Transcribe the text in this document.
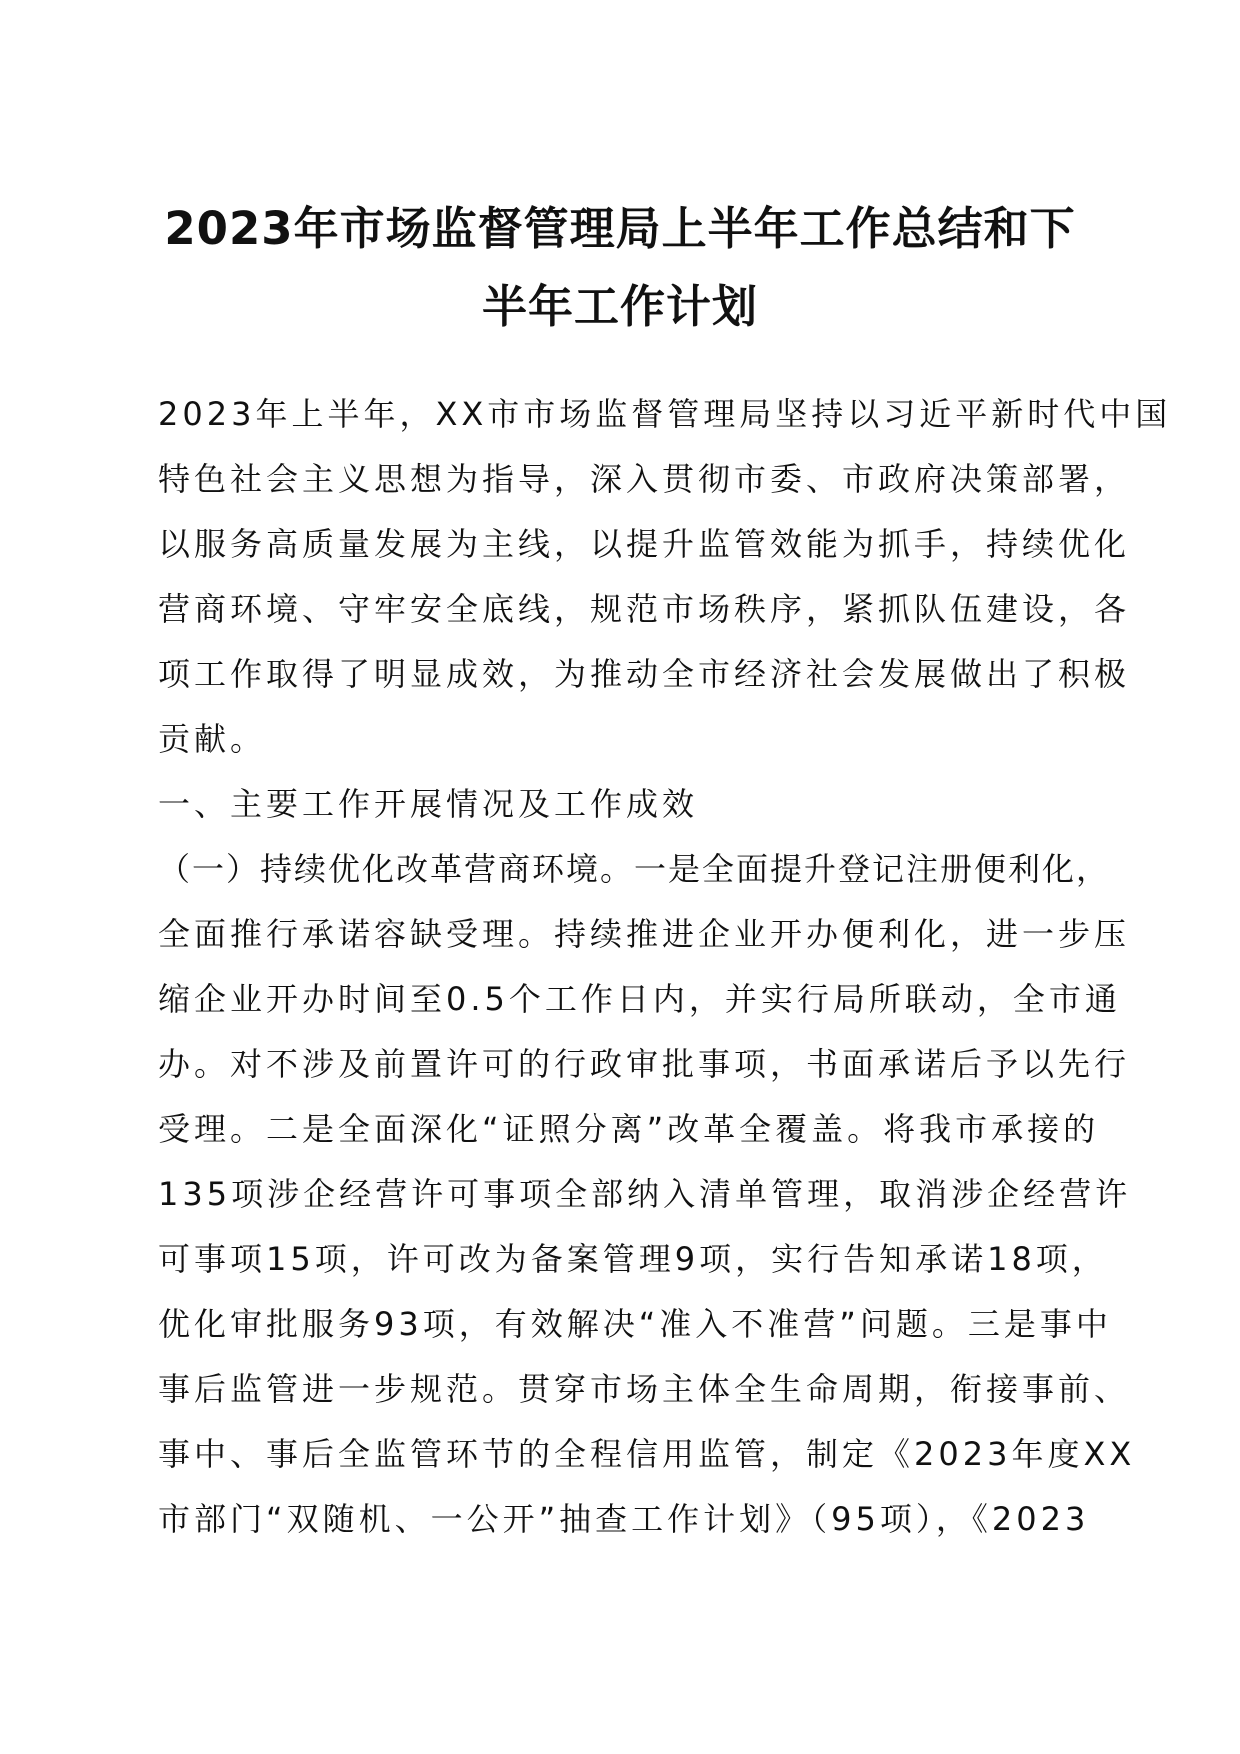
2023年市场监督管理局上半年工作总结和下
半年工作计划
2023年上半年，XX市市场监督管理局坚持以习近平新时代中国
特色社会主义思想为指导，深入贯彻市委、市政府决策部署，
以服务高质量发展为主线，以提升监管效能为抓手，持续优化
营商环境、守牢安全底线，规范市场秩序，紧抓队伍建设，各
项工作取得了明显成效，为推动全市经济社会发展做出了积极
贡献。
一、主要工作开展情况及工作成效
（一）持续优化改革营商环境。一是全面提升登记注册便利化，
全面推行承诺容缺受理。持续推进企业开办便利化，进一步压
缩企业开办时间至0.5个工作日内，并实行局所联动，全市通
办。对不涉及前置许可的行政审批事项，书面承诺后予以先行
受理。二是全面深化“证照分离”改革全覆盖。将我市承接的
135项涉企经营许可事项全部纳入清单管理，取消涉企经营许
可事项15项，许可改为备案管理9项，实行告知承诺18项，
优化审批服务93项，有效解决“准入不准营”问题。三是事中
事后监管进一步规范。贯穿市场主体全生命周期，衔接事前、
事中、事后全监管环节的全程信用监管，制定《2023年度XX
市部门“双随机、一公开”抽查工作计划》（95项），《2023
